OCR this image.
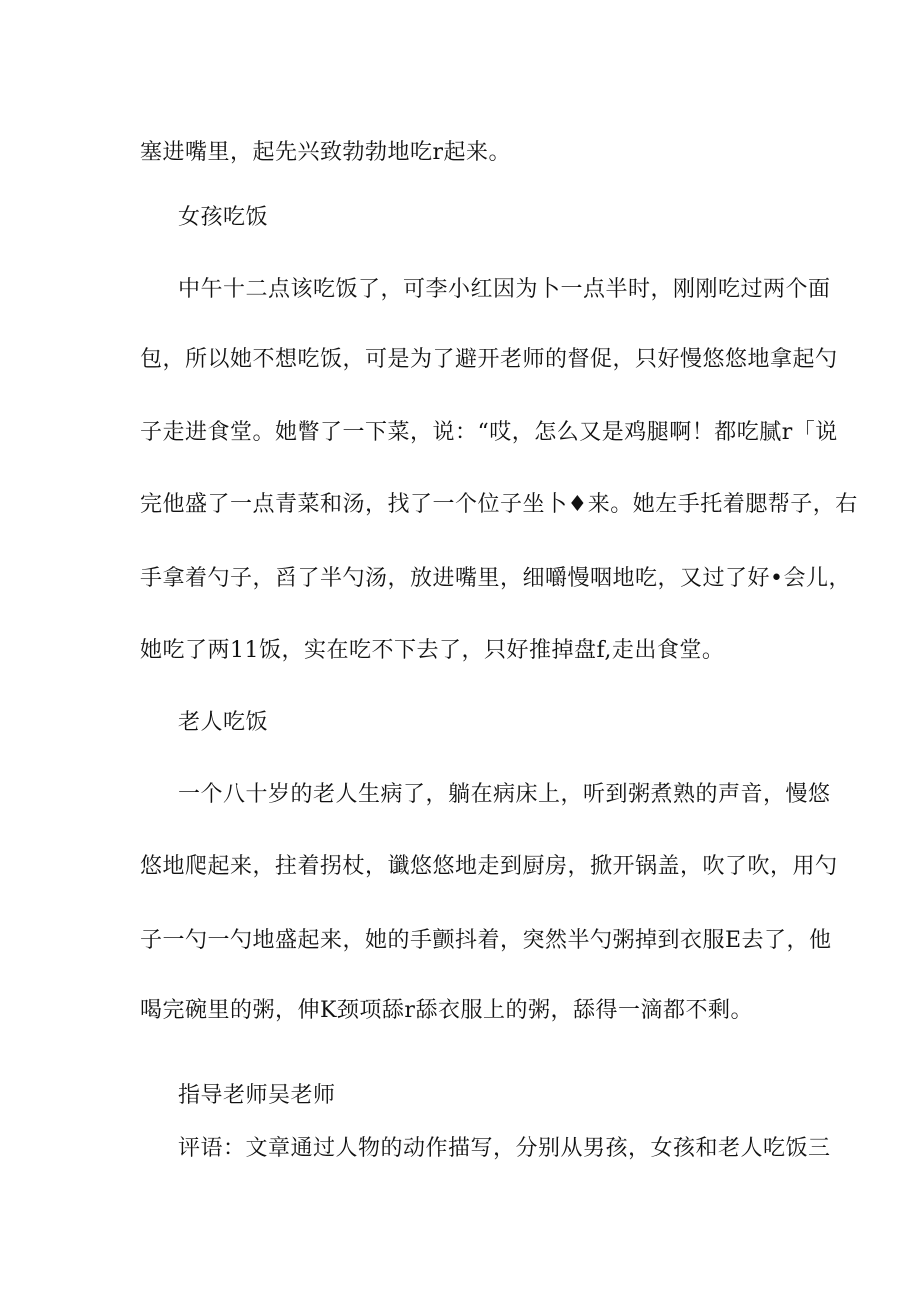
塞进嘴里，起先兴致勃勃地吃r起来。
女孩吃饭
中午十二点该吃饭了，可李小红因为卜一点半时，刚刚吃过两个面
包，所以她不想吃饭，可是为了避开老师的督促，只好慢悠悠地拿起勺
子走进食堂。她瞥了一下菜，说：“哎，怎么又是鸡腿啊！都吃腻r「说
完他盛了一点青菜和汤，找了一个位子坐卜♦来。她左手托着腮帮子，右
手拿着勺子，舀了半勺汤，放进嘴里，细嚼慢咽地吃，又过了好•会儿，
她吃了两11饭，实在吃不下去了，只好推掉盘f,走出食堂。
老人吃饭
一个八十岁的老人生病了，躺在病床上，听到粥煮熟的声音，慢悠
悠地爬起来，拄着拐杖，谶悠悠地走到厨房，掀开锅盖，吹了吹，用勺
子一勺一勺地盛起来，她的手颤抖着，突然半勺粥掉到衣服E去了，他
喝完碗里的粥，伸K颈项舔r舔衣服上的粥，舔得一滴都不剩。
指导老师吴老师
评语：文章通过人物的动作描写，分别从男孩，女孩和老人吃饭三
